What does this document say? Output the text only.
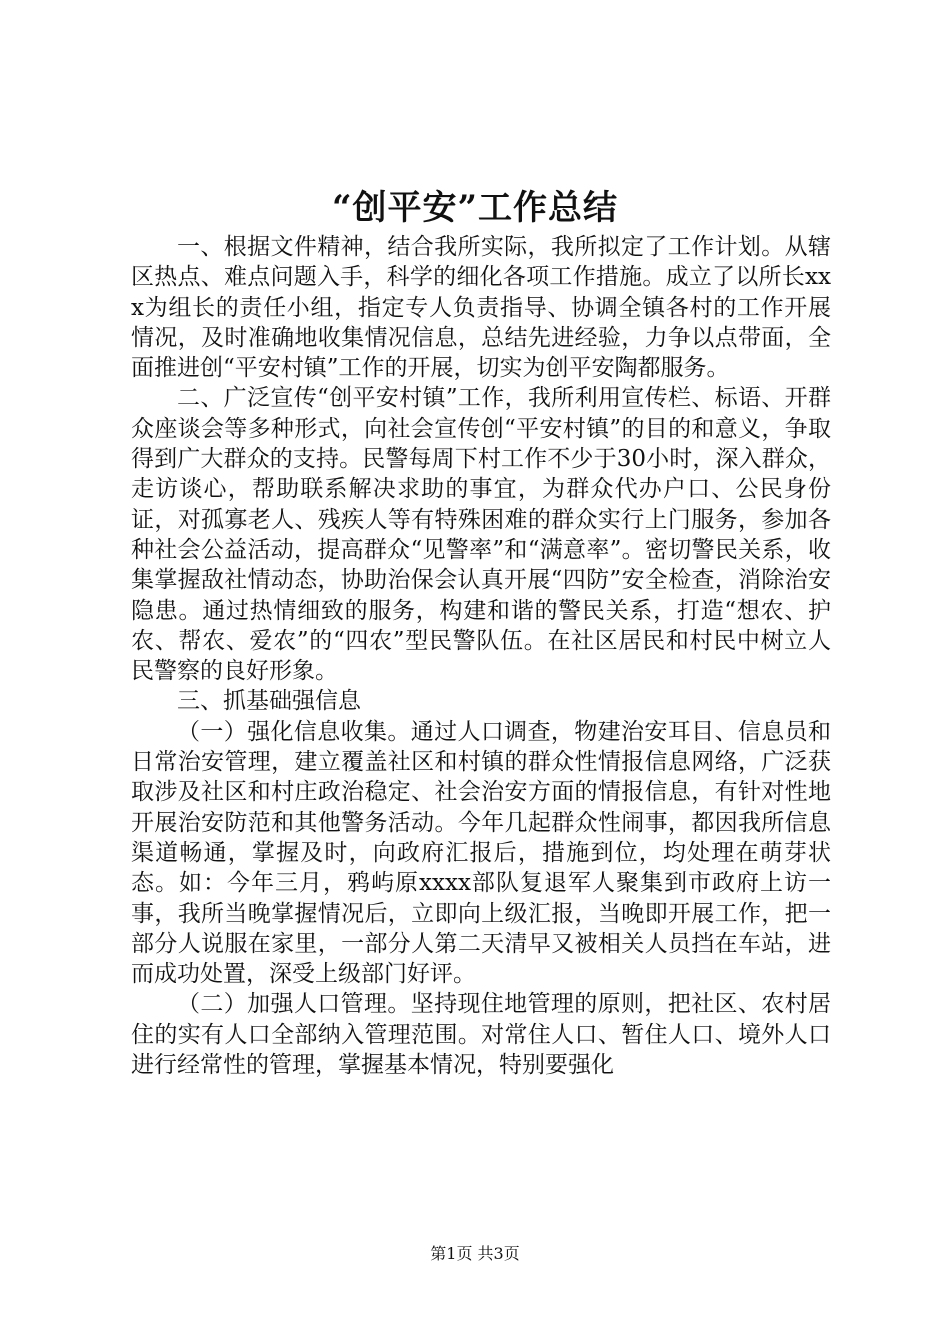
“创平安”工作总结

一、根据文件精神，结合我所实际，我所拟定了工作计划。从辖区热点、难点问题入手，科学的细化各项工作措施。成立了以所长xxx为组长的责任小组，指定专人负责指导、协调全镇各村的工作开展情况，及时准确地收集情况信息，总结先进经验，力争以点带面，全面推进创“平安村镇”工作的开展，切实为创平安陶都服务。

二、广泛宣传“创平安村镇”工作，我所利用宣传栏、标语、开群众座谈会等多种形式，向社会宣传创“平安村镇”的目的和意义，争取得到广大群众的支持。民警每周下村工作不少于30小时，深入群众，走访谈心，帮助联系解决求助的事宜，为群众代办户口、公民身份证，对孤寡老人、残疾人等有特殊困难的群众实行上门服务，参加各种社会公益活动，提高群众“见警率”和“满意率”。密切警民关系，收集掌握敌社情动态，协助治保会认真开展“四防”安全检查，消除治安隐患。通过热情细致的服务，构建和谐的警民关系，打造“想农、护农、帮农、爱农”的“四农”型民警队伍。在社区居民和村民中树立人民警察的良好形象。

三、抓基础强信息

（一）强化信息收集。通过人口调查，物建治安耳目、信息员和日常治安管理，建立覆盖社区和村镇的群众性情报信息网络，广泛获取涉及社区和村庄政治稳定、社会治安方面的情报信息，有针对性地开展治安防范和其他警务活动。今年几起群众性闹事，都因我所信息渠道畅通，掌握及时，向政府汇报后，措施到位，均处理在萌芽状态。如：今年三月，鸦屿原xxxx部队复退军人聚集到市政府上访一事，我所当晚掌握情况后，立即向上级汇报，当晚即开展工作，把一部分人说服在家里，一部分人第二天清早又被相关人员挡在车站，进而成功处置，深受上级部门好评。

（二）加强人口管理。坚持现住地管理的原则，把社区、农村居住的实有人口全部纳入管理范围。对常住人口、暂住人口、境外人口进行经常性的管理，掌握基本情况，特别要强化

第1页 共3页
